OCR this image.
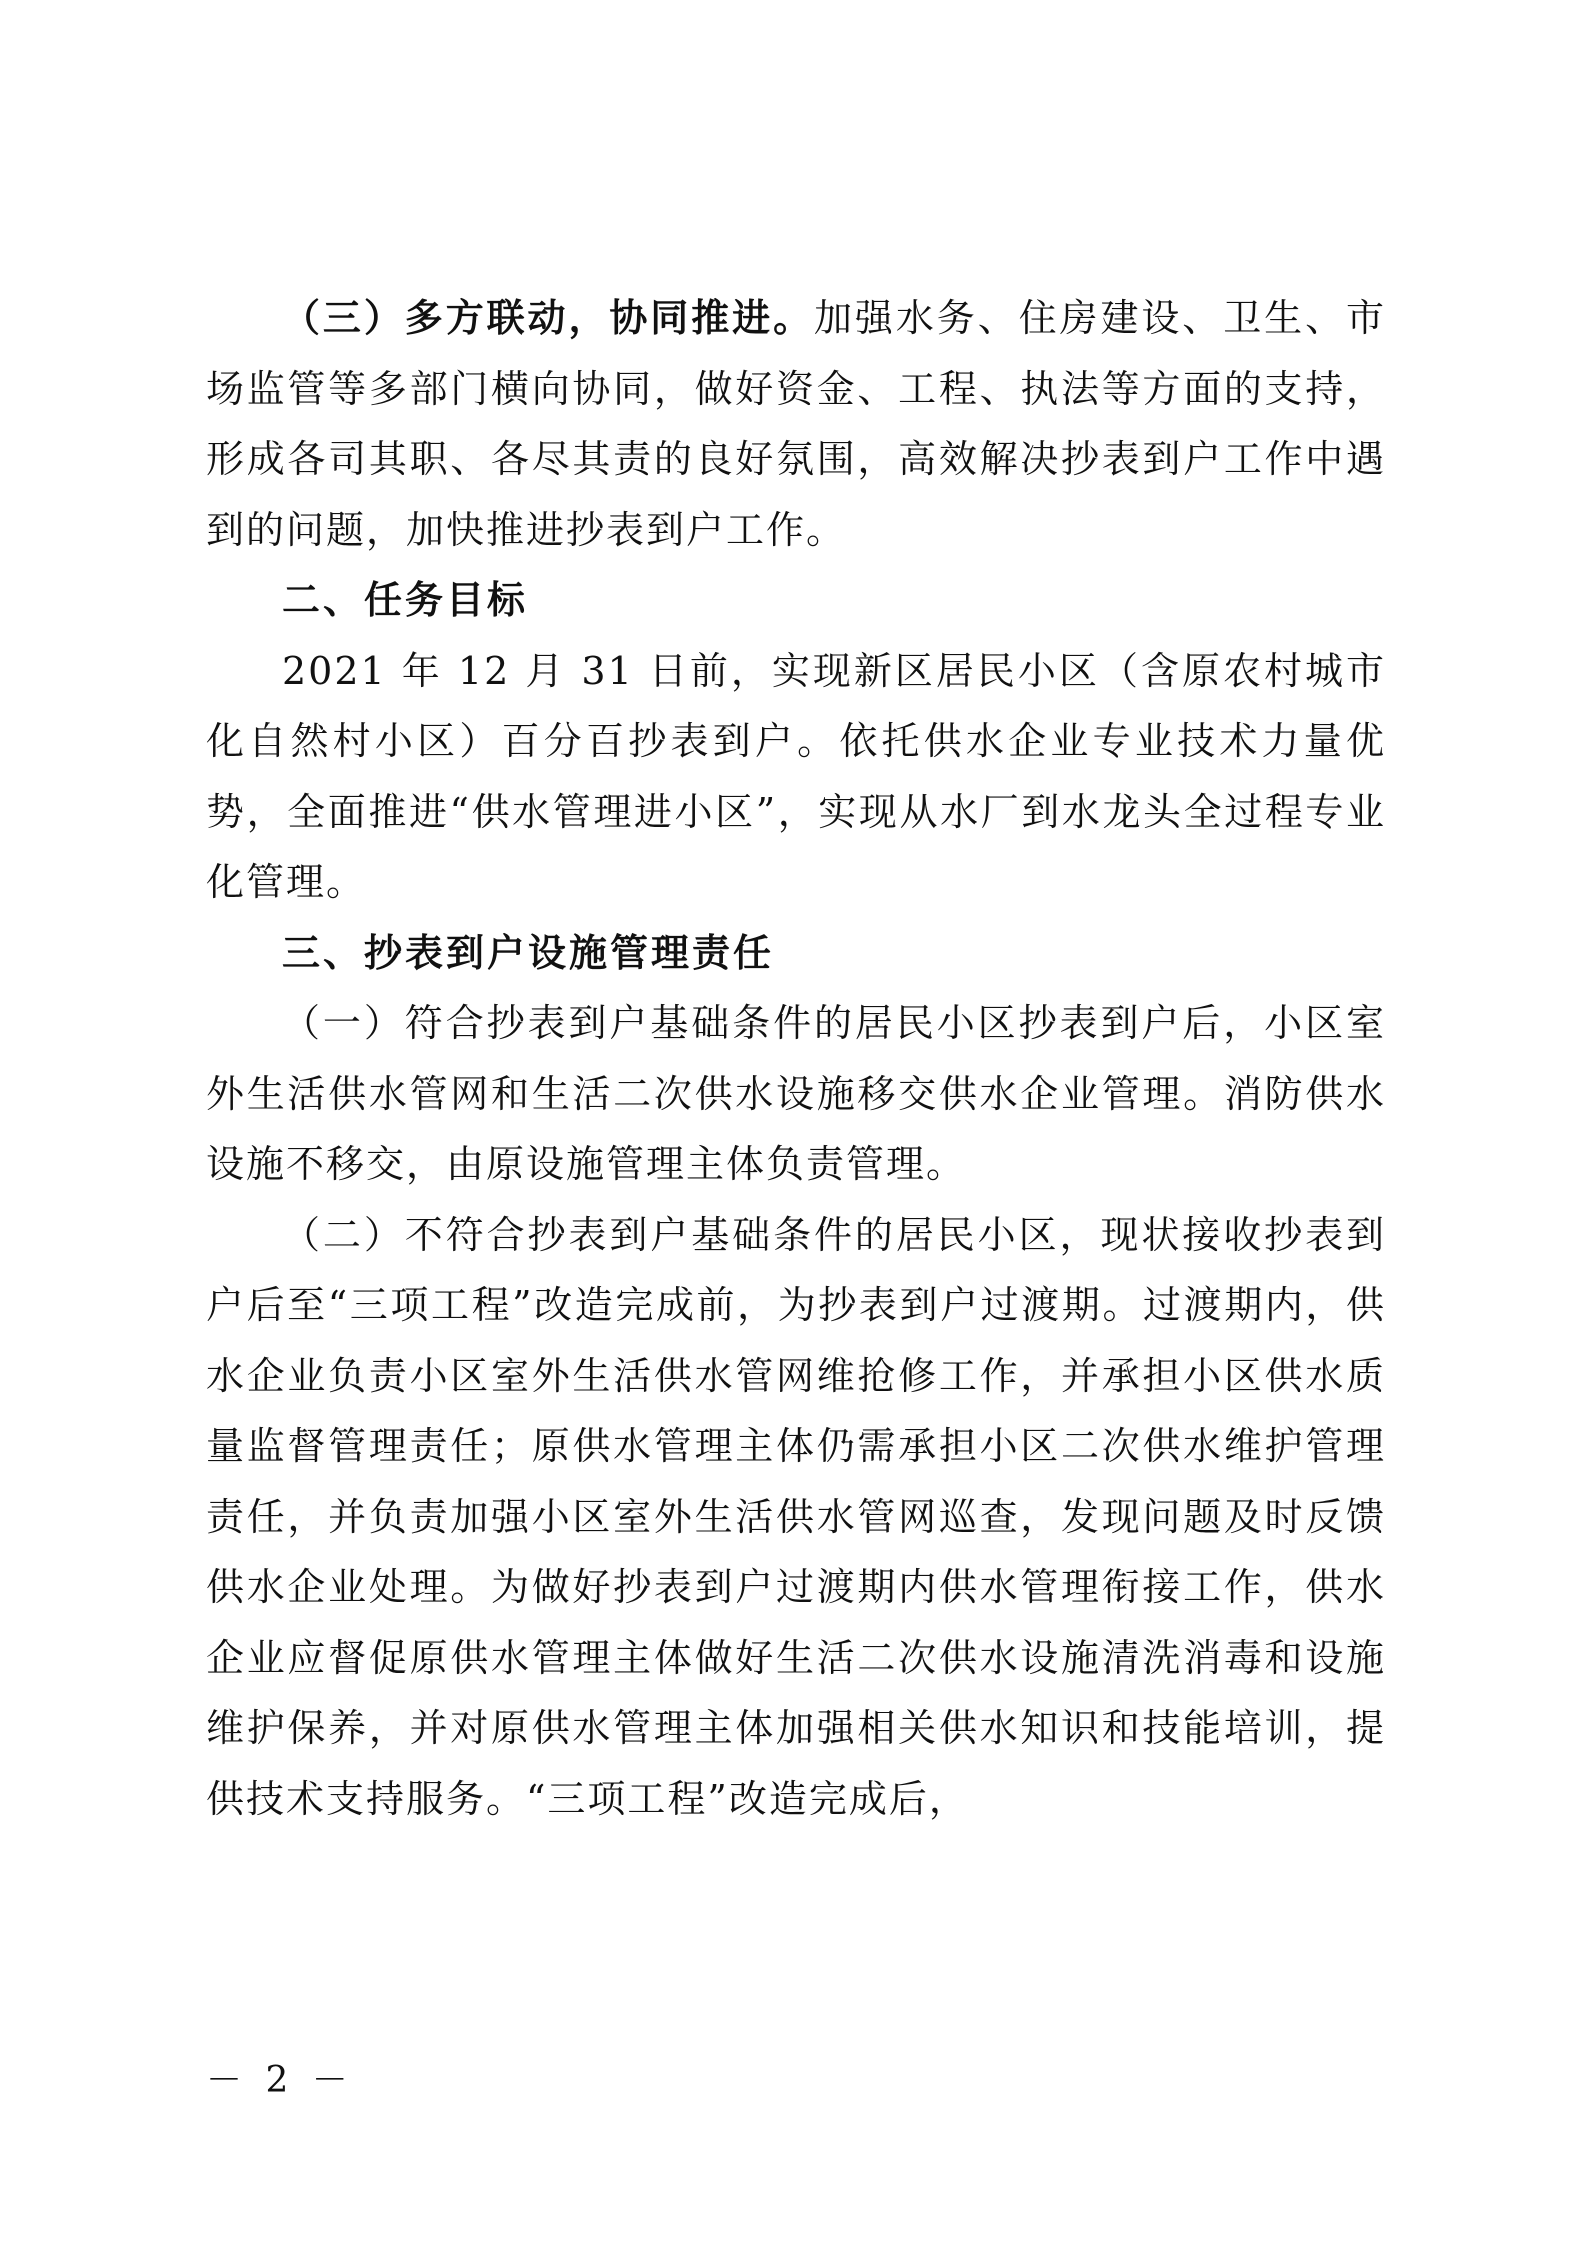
（三）多方联动，协同推进。加强水务、住房建设、卫生、市场监管等多部门横向协同，做好资金、工程、执法等方面的支持，形成各司其职、各尽其责的良好氛围，高效解决抄表到户工作中遇到的问题，加快推进抄表到户工作。

二、任务目标

2021 年 12 月 31 日前，实现新区居民小区（含原农村城市化自然村小区）百分百抄表到户。依托供水企业专业技术力量优势，全面推进“供水管理进小区”，实现从水厂到水龙头全过程专业化管理。

三、抄表到户设施管理责任

（一）符合抄表到户基础条件的居民小区抄表到户后，小区室外生活供水管网和生活二次供水设施移交供水企业管理。消防供水设施不移交，由原设施管理主体负责管理。

（二）不符合抄表到户基础条件的居民小区，现状接收抄表到户后至“三项工程”改造完成前，为抄表到户过渡期。过渡期内，供水企业负责小区室外生活供水管网维抢修工作，并承担小区供水质量监督管理责任；原供水管理主体仍需承担小区二次供水维护管理责任，并负责加强小区室外生活供水管网巡查，发现问题及时反馈供水企业处理。为做好抄表到户过渡期内供水管理衔接工作，供水企业应督促原供水管理主体做好生活二次供水设施清洗消毒和设施维护保养，并对原供水管理主体加强相关供水知识和技能培训，提供技术支持服务。“三项工程”改造完成后，

－ 2 －
